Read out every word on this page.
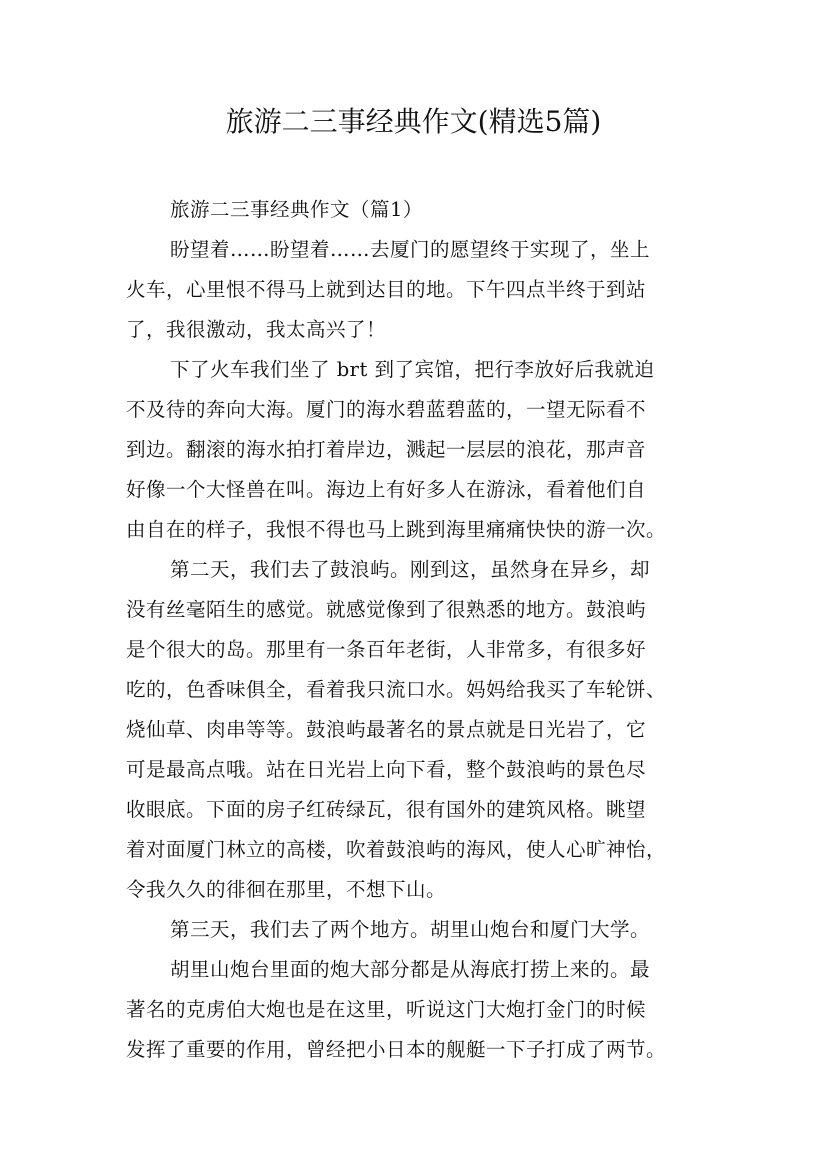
旅游二三事经典作文(精选5篇)
旅游二三事经典作文（篇1）
盼望着……盼望着……去厦门的愿望终于实现了，坐上
火车，心里恨不得马上就到达目的地。下午四点半终于到站
了，我很激动，我太高兴了！
下了火车我们坐了 brt 到了宾馆，把行李放好后我就迫
不及待的奔向大海。厦门的海水碧蓝碧蓝的，一望无际看不
到边。翻滚的海水拍打着岸边，溅起一层层的浪花，那声音
好像一个大怪兽在叫。海边上有好多人在游泳，看着他们自
由自在的样子，我恨不得也马上跳到海里痛痛快快的游一次。
第二天，我们去了鼓浪屿。刚到这，虽然身在异乡，却
没有丝毫陌生的感觉。就感觉像到了很熟悉的地方。鼓浪屿
是个很大的岛。那里有一条百年老街，人非常多，有很多好
吃的，色香味俱全，看着我只流口水。妈妈给我买了车轮饼、
烧仙草、肉串等等。鼓浪屿最著名的景点就是日光岩了，它
可是最高点哦。站在日光岩上向下看，整个鼓浪屿的景色尽
收眼底。下面的房子红砖绿瓦，很有国外的建筑风格。眺望
着对面厦门林立的高楼，吹着鼓浪屿的海风，使人心旷神怡，
令我久久的徘徊在那里，不想下山。
第三天，我们去了两个地方。胡里山炮台和厦门大学。
胡里山炮台里面的炮大部分都是从海底打捞上来的。最
著名的克虏伯大炮也是在这里，听说这门大炮打金门的时候
发挥了重要的作用，曾经把小日本的舰艇一下子打成了两节。
